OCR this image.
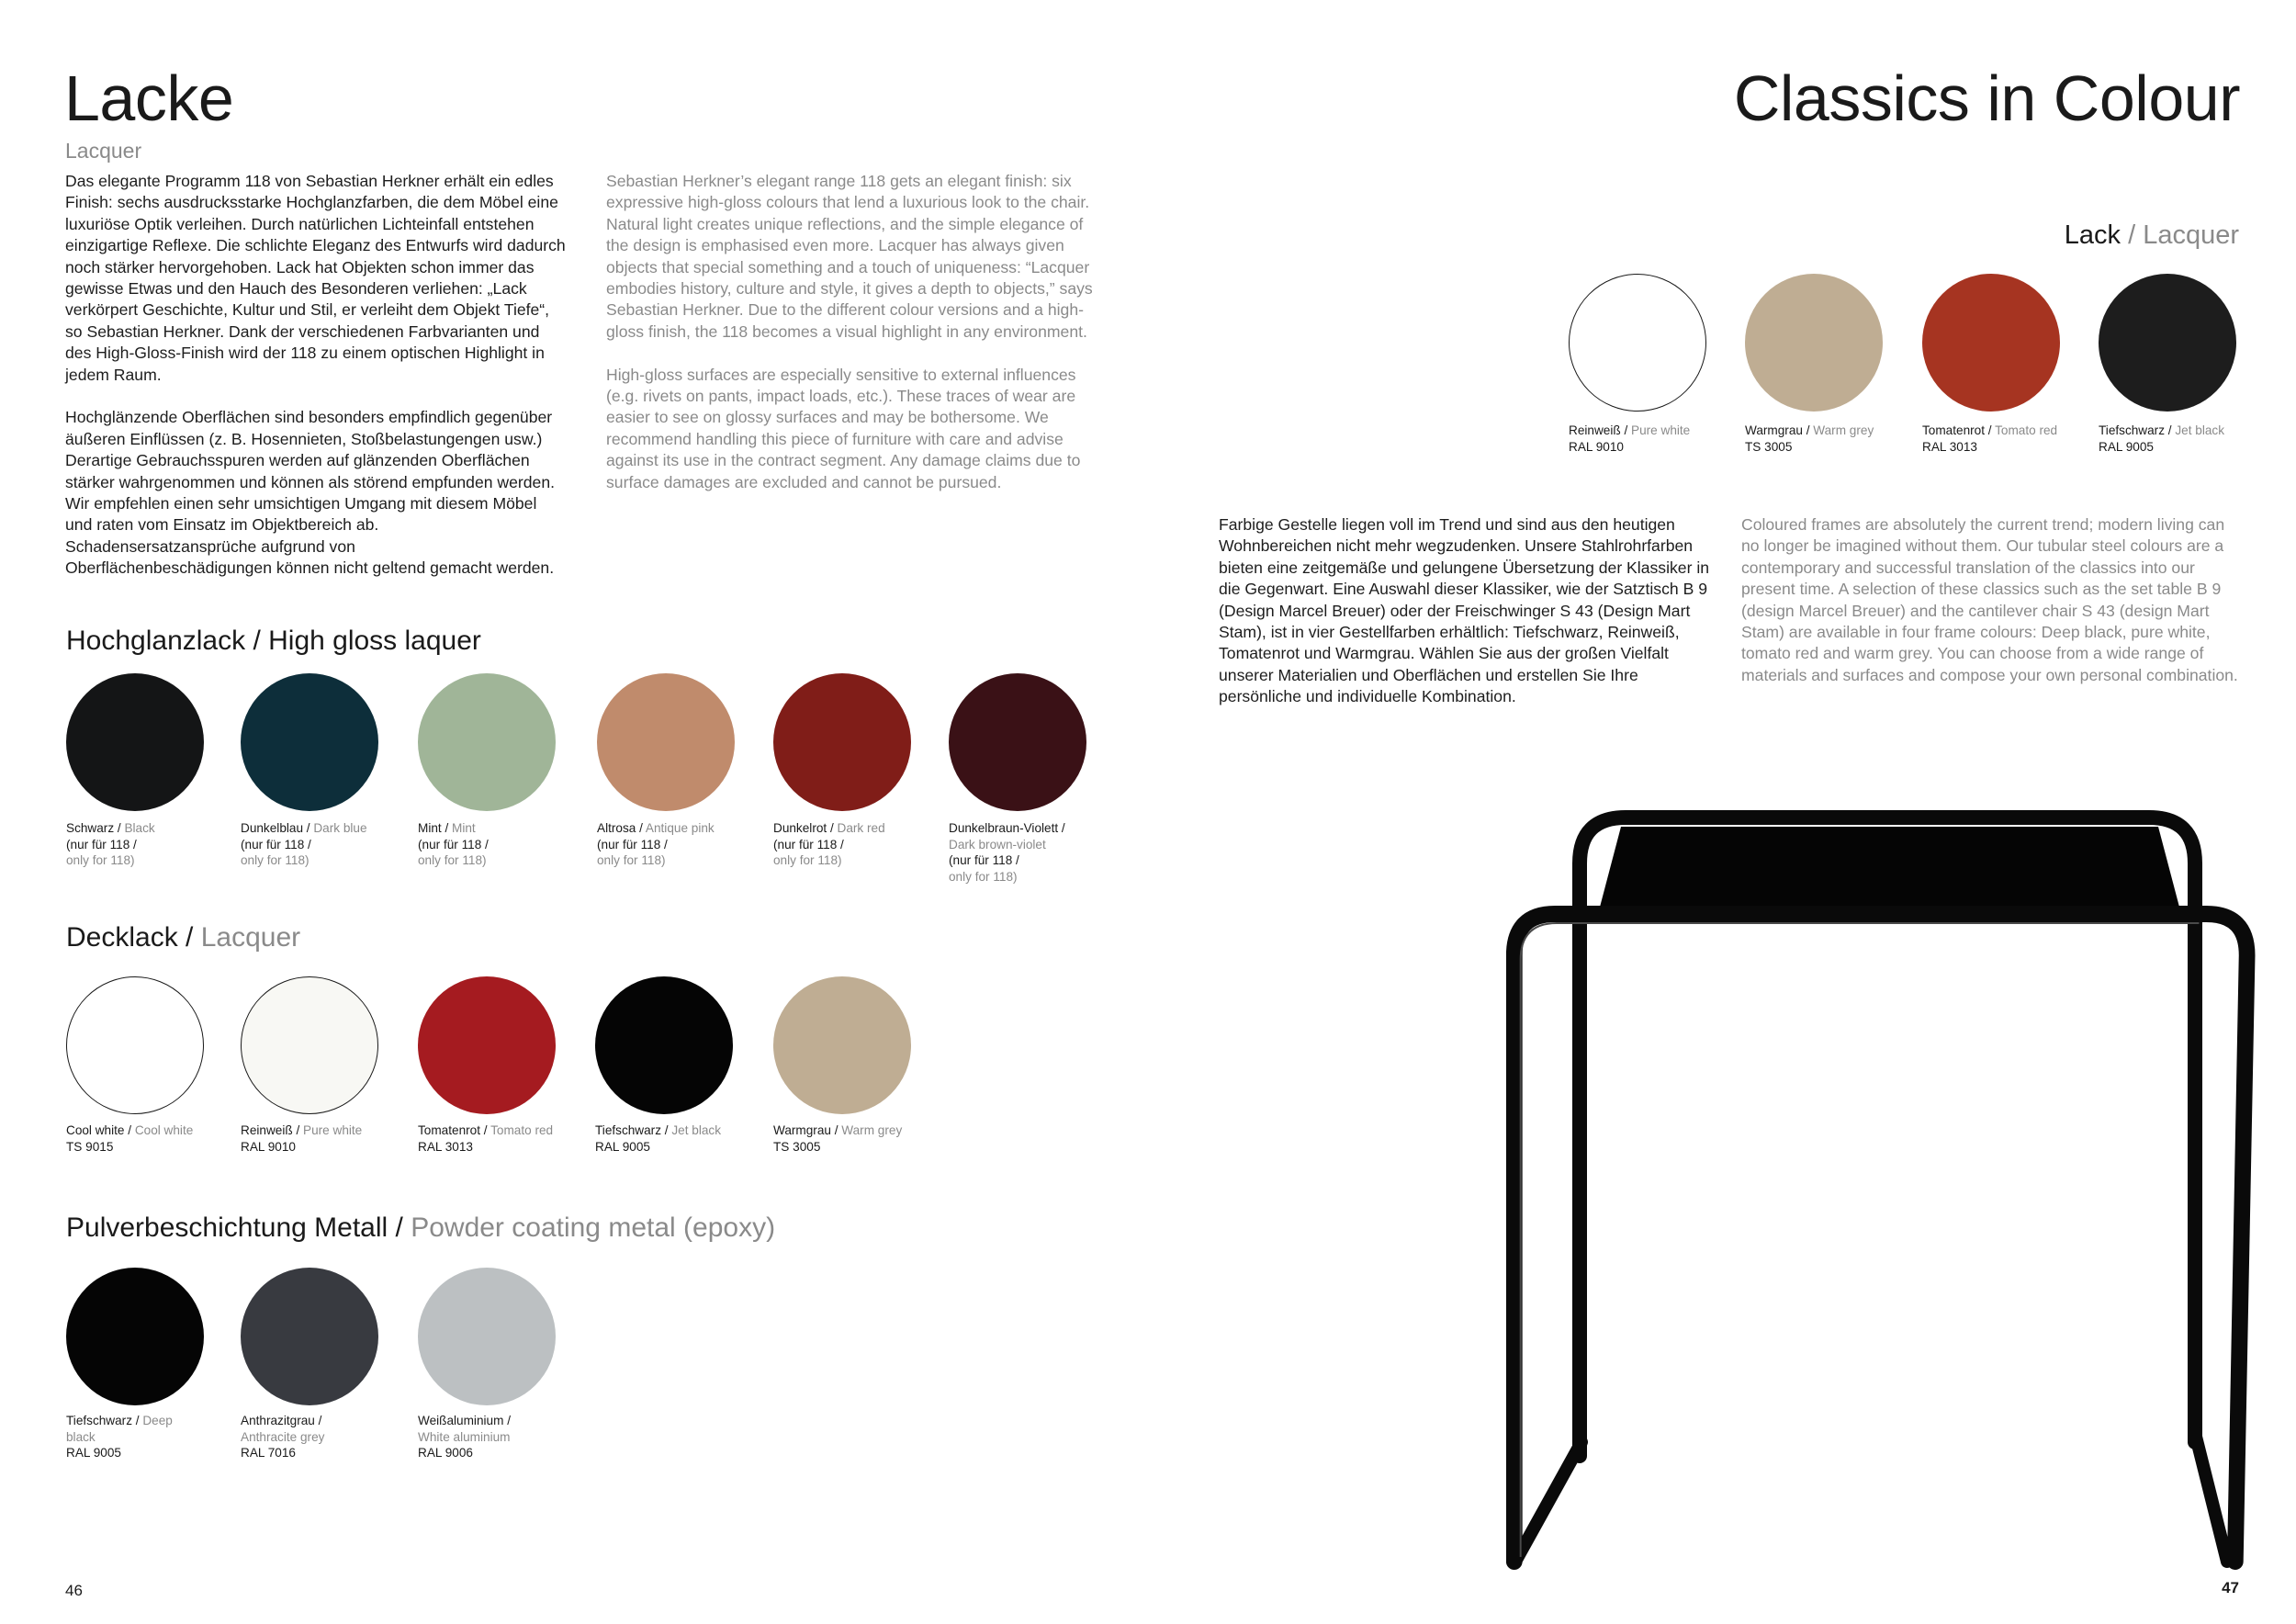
Lacke
Lacquer

Das elegante Programm 118 von Sebastian Herkner erhält ein edles Finish: sechs ausdrucksstarke Hochglanzfarben, die dem Möbel eine luxuriöse Optik verleihen. Durch natürlichen Lichteinfall entstehen einzigartige Reflexe. Die schlichte Eleganz des Entwurfs wird dadurch noch stärker hervorgehoben. Lack hat Objekten schon immer das gewisse Etwas und den Hauch des Besonderen verliehen: „Lack verkörpert Geschichte, Kultur und Stil, er verleiht dem Objekt Tiefe“, so Sebastian Herkner. Dank der verschiedenen Farbvarianten und des High-Gloss-Finish wird der 118 zu einem optischen Highlight in jedem Raum.

Hochglänzende Oberflächen sind besonders empfindlich gegenüber äußeren Einflüssen (z. B. Hosennieten, Stoßbelastungengen usw.) Derartige Gebrauchsspuren werden auf glänzenden Oberflächen stärker wahrgenommen und können als störend empfunden werden. Wir empfehlen einen sehr umsichtigen Umgang mit diesem Möbel und raten vom Einsatz im Objektbereich ab. Schadensersatzansprüche aufgrund von Oberflächenbeschädigungen können nicht geltend gemacht werden.

Sebastian Herkner’s elegant range 118 gets an elegant finish: six expressive high-gloss colours that lend a luxurious look to the chair. Natural light creates unique reflections, and the simple elegance of the design is emphasised even more. Lacquer has always given objects that special something and a touch of uniqueness: “Lacquer embodies history, culture and style, it gives a depth to objects,” says Sebastian Herkner. Due to the different colour versions and a high-gloss finish, the 118 becomes a visual highlight in any environment.

High-gloss surfaces are especially sensitive to external influences (e.g. rivets on pants, impact loads, etc.). These traces of wear are easier to see on glossy surfaces and may be bothersome. We recommend handling this piece of furniture with care and advise against its use in the contract segment. Any damage claims due to surface damages are excluded and cannot be pursued.

Hochglanzlack / High gloss laquer
Schwarz / Black
(nur für 118 /
only for 118)
Dunkelblau / Dark blue
(nur für 118 /
only for 118)
Mint / Mint
(nur für 118 /
only for 118)
Altrosa / Antique pink
(nur für 118 /
only for 118)
Dunkelrot / Dark red
(nur für 118 /
only for 118)
Dunkelbraun-Violett /
Dark brown-violet
(nur für 118 /
only for 118)
Decklack / Lacquer
Cool white / Cool white
TS 9015
Reinweiß / Pure white
RAL 9010
Tomatenrot / Tomato red
RAL 3013
Tiefschwarz / Jet black
RAL 9005
Warmgrau / Warm grey
TS 3005
Pulverbeschichtung Metall / Powder coating metal (epoxy)
Tiefschwarz / Deep
black
RAL 9005
Anthrazitgrau /
Anthracite grey
RAL 7016
Weißaluminium /
White aluminium
RAL 9006
46
Classics in Colour
Lack / Lacquer
Reinweiß / Pure white
RAL 9010
Warmgrau / Warm grey
TS 3005
Tomatenrot / Tomato red
RAL 3013
Tiefschwarz / Jet black
RAL 9005
Farbige Gestelle liegen voll im Trend und sind aus den heutigen Wohnbereichen nicht mehr wegzudenken. Unsere Stahlrohrfarben bieten eine zeitgemäße und gelungene Übersetzung der Klassiker in die Gegenwart. Eine Auswahl dieser Klassiker, wie der Satztisch B 9 (Design Marcel Breuer) oder der Freischwinger S 43 (Design Mart Stam), ist in vier Gestellfarben erhältlich: Tiefschwarz, Reinweiß, Tomatenrot und Warmgrau. Wählen Sie aus der großen Vielfalt unserer Materialien und Oberflächen und erstellen Sie Ihre persönliche und individuelle Kombination.
Coloured frames are absolutely the current trend; modern living can no longer be imagined without them. Our tubular steel colours are a contemporary and successful translation of the classics into our present time. A selection of these classics such as the set table B 9 (design Marcel Breuer) and the cantilever chair S 43 (design Mart Stam) are available in four frame colours: Deep black, pure white, tomato red and warm grey. You can choose from a wide range of materials and surfaces and compose your own personal combination.
47
